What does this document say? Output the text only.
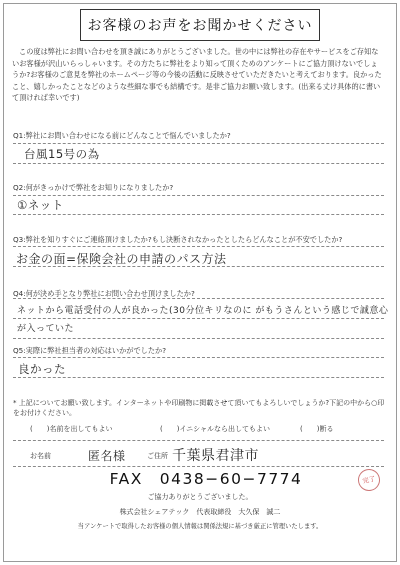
お客様のお声をお聞かせください
この度は弊社にお問い合わせを頂き誠にありがとうございました。世の中には弊社の存在やサービスをご存知ないお客様が沢山いらっしゃいます。その方たちに弊社をより知って頂くためのアンケートにご協力頂けないでしょうか?お客様のご意見を弊社のホームページ等の今後の活動に反映させていただきたいと考えております。良かったこと、嬉しかったことなどのような些細な事でも結構です。是非ご協力お願い致します。(出来る丈け具体的に書いて頂ければ幸いです)
Q1:弊社にお問い合わせになる前にどんなことで悩んでいましたか?
台風15号の為
Q2:何がきっかけで弊社をお知りになりましたか?
①ネット
Q3:弊社を知りすぐにご連絡頂けましたか?もし決断されなかったとしたらどんなことが不安でしたか?
お金の面=保険会社の申請のパス方法
Q4:何が決め手となり弊社にお問い合わせ頂けましたか?
ネットから電話受付の人が良かった(30分位キリなのに がもうさんという感じで誠意心が入っていた
Q5:実際に弊社担当者の対応はいかがでしたか?
良かった
* 上記についてお願い致します。インターネットや印刷物に掲載させて頂いてもよろしいでしょうか?下記の中から○印をお付けください。
(　　)名前を出してもよい	(　　)イニシャルなら出してもよい	(　　)断る
お名前	匿名様	ご住所 千葉県君津市
FAX　0438−60−7774
ご協力ありがとうございました。
株式会社シェアテック　代表取締役　大久保　誠二
当アンケートで取得したお客様の個人情報は関係法規に基づき厳正に管理いたします。
完了
